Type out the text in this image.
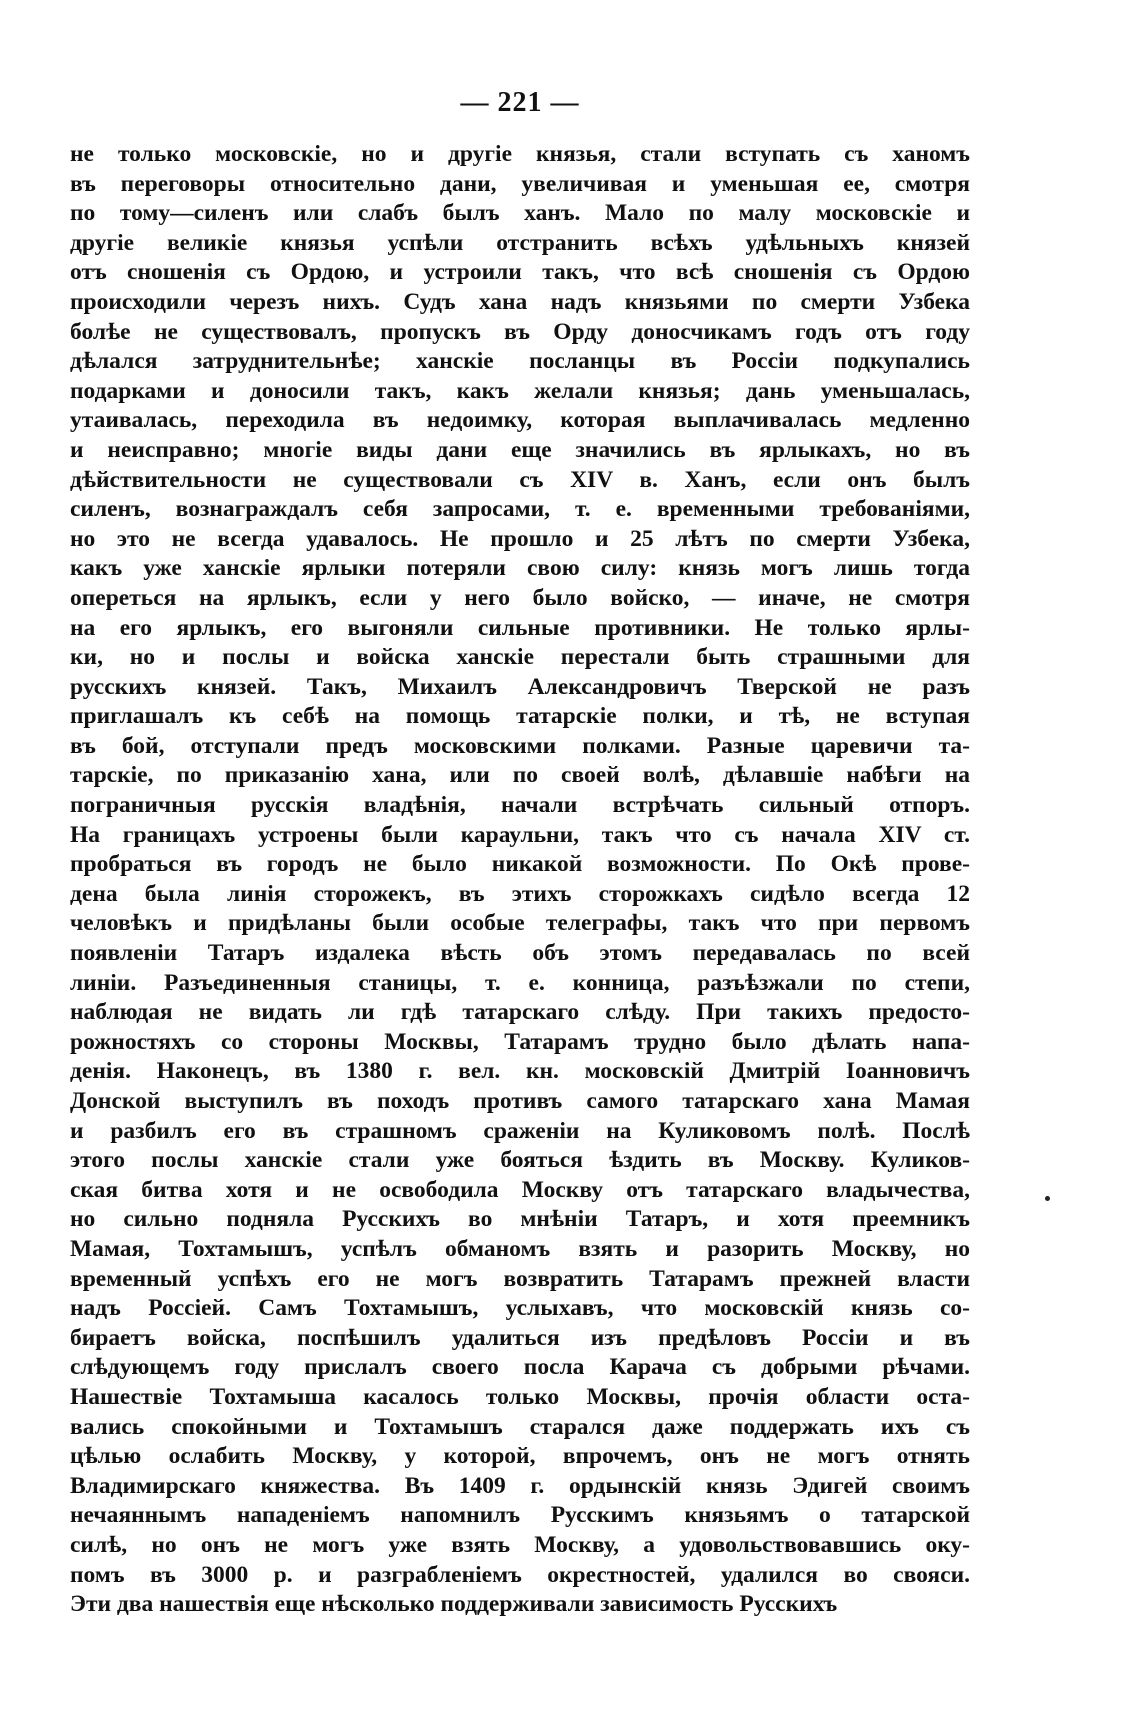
— 221 —
не только московскіе, но и другіе князья, стали вступать съ ханомъ
въ переговоры относительно дани, увеличивая и уменьшая ее, смотря
по тому—силенъ или слабъ былъ ханъ. Мало по малу московскіе и
другіе великіе князья успѣли отстранить всѣхъ удѣльныхъ князей
отъ сношенія съ Ордою, и устроили такъ, что всѣ сношенія съ Ордою
происходили черезъ нихъ. Судъ хана надъ князьями по смерти Узбека
болѣе не существовалъ, пропускъ въ Орду доносчикамъ годъ отъ году
дѣлался затруднительнѣе; ханскіе посланцы въ Россіи подкупались
подарками и доносили такъ, какъ желали князья; дань уменьшалась,
утаивалась, переходила въ недоимку, которая выплачивалась медленно
и неисправно; многіе виды дани еще значились въ ярлыкахъ, но въ
дѣйствительности не существовали съ XIV в. Ханъ, если онъ былъ
силенъ, вознаграждалъ себя запросами, т. е. временными требованіями,
но это не всегда удавалось. Не прошло и 25 лѣтъ по смерти Узбека,
какъ уже ханскіе ярлыки потеряли свою силу: князь могъ лишь тогда
опереться на ярлыкъ, если у него было войско, — иначе, не смотря
на его ярлыкъ, его выгоняли сильные противники. Не только ярлы-
ки, но и послы и войска ханскіе перестали быть страшными для
русскихъ князей. Такъ, Михаилъ Александровичъ Тверской не разъ
приглашалъ къ себѣ на помощь татарскіе полки, и тѣ, не вступая
въ бой, отступали предъ московскими полками. Разные царевичи та-
тарскіе, по приказанію хана, или по своей волѣ, дѣлавшіе набѣги на
пограничныя русскія владѣнія, начали встрѣчать сильный отпоръ.
На границахъ устроены были караульни, такъ что съ начала XIV ст.
пробраться въ городъ не было никакой возможности. По Окѣ прове-
дена была линія сторожекъ, въ этихъ сторожкахъ сидѣло всегда 12
человѣкъ и придѣланы были особые телеграфы, такъ что при первомъ
появленіи Татаръ издалека вѣсть объ этомъ передавалась по всей
линіи. Разъединенныя станицы, т. е. конница, разъѣзжали по степи,
наблюдая не видать ли гдѣ татарскаго слѣду. При такихъ предосто-
рожностяхъ со стороны Москвы, Татарамъ трудно было дѣлать напа-
денія. Наконецъ, въ 1380 г. вел. кн. московскій Дмитрій Іоанновичъ
Донской выступилъ въ походъ противъ самого татарскаго хана Мамая
и разбилъ его въ страшномъ сраженіи на Куликовомъ полѣ. Послѣ
этого послы ханскіе стали уже бояться ѣздить въ Москву. Куликов-
ская битва хотя и не освободила Москву отъ татарскаго владычества,
но сильно подняла Русскихъ во мнѣніи Татаръ, и хотя преемникъ
Мамая, Тохтамышъ, успѣлъ обманомъ взять и разорить Москву, но
временный успѣхъ его не могъ возвратить Татарамъ прежней власти
надъ Россіей. Самъ Тохтамышъ, услыхавъ, что московскій князь со-
бираетъ войска, поспѣшилъ удалиться изъ предѣловъ Россіи и въ
слѣдующемъ году прислалъ своего посла Карача съ добрыми рѣчами.
Нашествіе Тохтамыша касалось только Москвы, прочія области оста-
вались спокойными и Тохтамышъ старался даже поддержать ихъ съ
цѣлью ослабить Москву, у которой, впрочемъ, онъ не могъ отнять
Владимирскаго княжества. Въ 1409 г. ордынскій князь Эдигей своимъ
нечаяннымъ нападеніемъ напомнилъ Русскимъ князьямъ о татарской
силѣ, но онъ не могъ уже взять Москву, а удовольствовавшись оку-
помъ въ 3000 р. и разграбленіемъ окрестностей, удалился во свояси.
Эти два нашествія еще нѣсколько поддерживали зависимость Русскихъ
